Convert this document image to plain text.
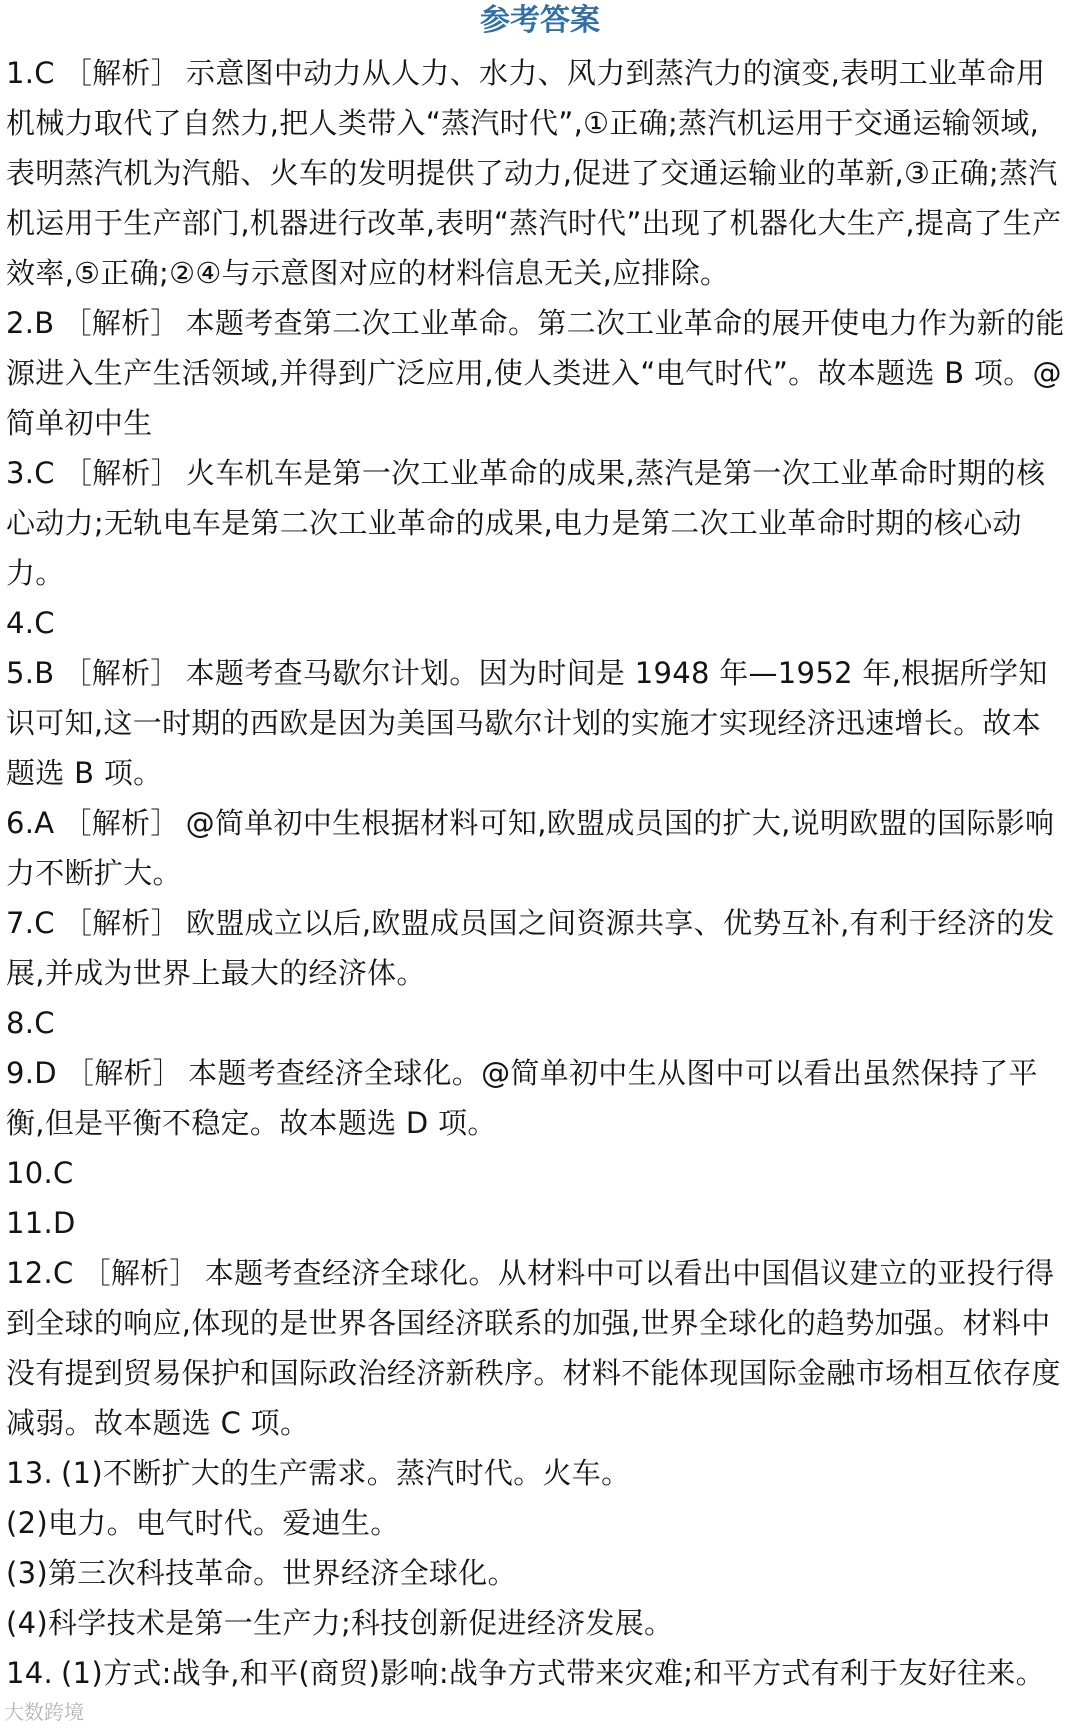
参考答案

1.C ［解析］ 示意图中动力从人力、水力、风力到蒸汽力的演变,表明工业革命用机械力取代了自然力,把人类带入“蒸汽时代”,①正确;蒸汽机运用于交通运输领域,表明蒸汽机为汽船、火车的发明提供了动力,促进了交通运输业的革新,③正确;蒸汽机运用于生产部门,机器进行改革,表明“蒸汽时代”出现了机器化大生产,提高了生产效率,⑤正确;②④与示意图对应的材料信息无关,应排除。

2.B ［解析］ 本题考查第二次工业革命。第二次工业革命的展开使电力作为新的能源进入生产生活领域,并得到广泛应用,使人类进入“电气时代”。故本题选 B 项。@简单初中生

3.C ［解析］ 火车机车是第一次工业革命的成果,蒸汽是第一次工业革命时期的核心动力;无轨电车是第二次工业革命的成果,电力是第二次工业革命时期的核心动力。

4.C

5.B ［解析］ 本题考查马歇尔计划。因为时间是 1948 年—1952 年,根据所学知识可知,这一时期的西欧是因为美国马歇尔计划的实施才实现经济迅速增长。故本题选 B 项。

6.A ［解析］ @简单初中生根据材料可知,欧盟成员国的扩大,说明欧盟的国际影响力不断扩大。

7.C ［解析］ 欧盟成立以后,欧盟成员国之间资源共享、优势互补,有利于经济的发展,并成为世界上最大的经济体。

8.C

9.D ［解析］ 本题考查经济全球化。@简单初中生从图中可以看出虽然保持了平衡,但是平衡不稳定。故本题选 D 项。

10.C

11.D

12.C ［解析］ 本题考查经济全球化。从材料中可以看出中国倡议建立的亚投行得到全球的响应,体现的是世界各国经济联系的加强,世界全球化的趋势加强。材料中没有提到贸易保护和国际政治经济新秩序。材料不能体现国际金融市场相互依存度减弱。故本题选 C 项。

13. (1)不断扩大的生产需求。蒸汽时代。火车。

(2)电力。电气时代。爱迪生。

(3)第三次科技革命。世界经济全球化。

(4)科学技术是第一生产力;科技创新促进经济发展。

14. (1)方式:战争,和平(商贸)影响:战争方式带来灾难;和平方式有利于友好往来。

大数跨境
